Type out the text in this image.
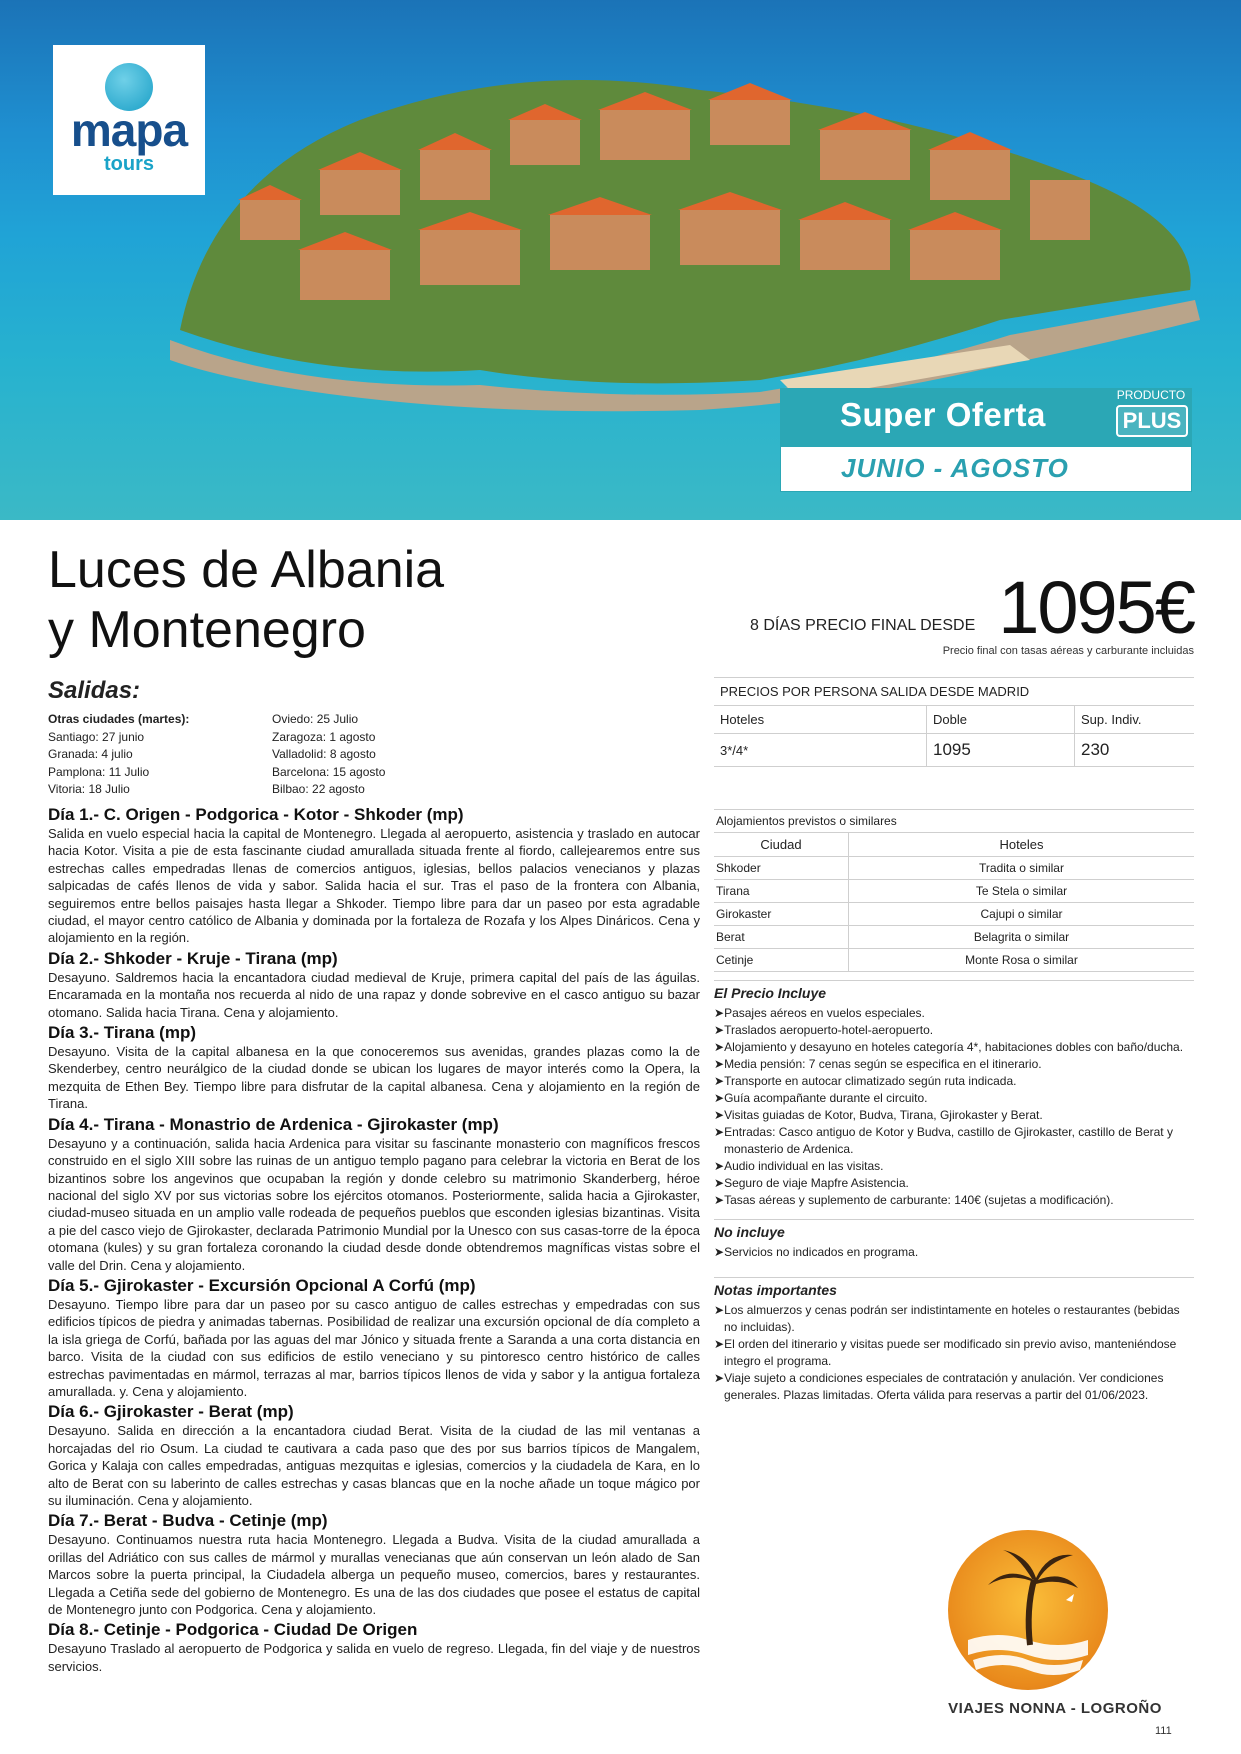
mapa
tours
Super Oferta
PRODUCTO
PLUS
JUNIO - AGOSTO
Luces de Albania
y Montenegro	8 DÍAS PRECIO FINAL DESDE 1095€
Precio final con tasas aéreas y carburante incluidas
Salidas:
Otras ciudades (martes):
Santiago: 27 junio
Granada: 4 julio
Pamplona: 11 Julio
Vitoria: 18 Julio
Oviedo: 25 Julio
Zaragoza: 1 agosto
Valladolid: 8 agosto
Barcelona: 15 agosto
Bilbao: 22 agosto
Día 1.- C. Origen - Podgorica - Kotor - Shkoder (mp)

Salida en vuelo especial hacia la capital de Montenegro. Llegada al aeropuerto, asistencia y traslado en autocar hacia Kotor. Visita a pie de esta fascinante ciudad amurallada situada frente al fiordo, callejearemos entre sus estrechas calles empedradas llenas de comercios antiguos, iglesias, bellos palacios venecianos y plazas salpicadas de cafés llenos de vida y sabor. Salida hacia el sur. Tras el paso de la frontera con Albania, seguiremos entre bellos paisajes hasta llegar a Shkoder. Tiempo libre para dar un paseo por esta agradable ciudad, el mayor centro católico de Albania y dominada por la fortaleza de Rozafa y los Alpes Dináricos. Cena y alojamiento en la región.

Día 2.- Shkoder - Kruje - Tirana (mp)

Desayuno. Saldremos hacia la encantadora ciudad medieval de Kruje, primera capital del país de las águilas. Encaramada en la montaña nos recuerda al nido de una rapaz y donde sobrevive en el casco antiguo su bazar otomano. Salida hacia Tirana. Cena y alojamiento.

Día 3.- Tirana (mp)

Desayuno. Visita de la capital albanesa en la que conoceremos sus avenidas, grandes plazas como la de Skenderbey, centro neurálgico de la ciudad donde se ubican los lugares de mayor interés como la Opera, la mezquita de Ethen Bey. Tiempo libre para disfrutar de la capital albanesa. Cena y alojamiento en la región de Tirana.

Día 4.- Tirana - Monastrio de Ardenica - Gjirokaster (mp)

Desayuno y a continuación, salida hacia Ardenica para visitar su fascinante monasterio con magníficos frescos construido en el siglo XIII sobre las ruinas de un antiguo templo pagano para celebrar la victoria en Berat de los bizantinos sobre los angevinos que ocupaban la región y donde celebro su matrimonio Skanderberg, héroe nacional del siglo XV por sus victorias sobre los ejércitos otomanos. Posteriormente, salida hacia a Gjirokaster, ciudad-museo situada en un amplio valle rodeada de pequeños pueblos que esconden iglesias bizantinas. Visita a pie del casco viejo de Gjirokaster, declarada Patrimonio Mundial por la Unesco con sus casas-torre de la época otomana (kules) y su gran fortaleza coronando la ciudad desde donde obtendremos magníficas vistas sobre el valle del Drin. Cena y alojamiento.

Día 5.- Gjirokaster - Excursión Opcional A Corfú (mp)

Desayuno. Tiempo libre para dar un paseo por su casco antiguo de calles estrechas y empedradas con sus edificios típicos de piedra y animadas tabernas. Posibilidad de realizar una excursión opcional de día completo a la isla griega de Corfú, bañada por las aguas del mar Jónico y situada frente a Saranda a una corta distancia en barco. Visita de la ciudad con sus edificios de estilo veneciano y su pintoresco centro histórico de calles estrechas pavimentadas en mármol, terrazas al mar, barrios típicos llenos de vida y sabor y la antigua fortaleza amurallada. y. Cena y alojamiento.

Día 6.- Gjirokaster - Berat (mp)

Desayuno. Salida en dirección a la encantadora ciudad Berat. Visita de la ciudad de las mil ventanas a horcajadas del rio Osum. La ciudad te cautivara a cada paso que des por sus barrios típicos de Mangalem, Gorica y Kalaja con calles empedradas, antiguas mezquitas e iglesias, comercios y la ciudadela de Kara, en lo alto de Berat con su laberinto de calles estrechas y casas blancas que en la noche añade un toque mágico por su iluminación. Cena y alojamiento.

Día 7.- Berat - Budva - Cetinje (mp)

Desayuno. Continuamos nuestra ruta hacia Montenegro. Llegada a Budva. Visita de la ciudad amurallada a orillas del Adriático con sus calles de mármol y murallas venecianas que aún conservan un león alado de San Marcos sobre la puerta principal, la Ciudadela alberga un pequeño museo, comercios, bares y restaurantes. Llegada a Cetiña sede del gobierno de Montenegro. Es una de las dos ciudades que posee el estatus de capital de Montenegro junto con Podgorica. Cena y alojamiento.

Día 8.- Cetinje - Podgorica - Ciudad De Origen

Desayuno Traslado al aeropuerto de Podgorica y salida en vuelo de regreso. Llegada, fin del viaje y de nuestros servicios.

PRECIOS POR PERSONA SALIDA DESDE MADRID		
Hoteles	Doble	Sup. Indiv.
3*/4*	1095	230
Alojamientos previstos o similares	
Ciudad	Hoteles
Shkoder	Tradita o similar
Tirana	Te Stela o similar
Girokaster	Cajupi o similar
Berat	Belagrita o similar
Cetinje	Monte Rosa o similar

El Precio Incluye

➤Pasajes aéreos en vuelos especiales.

➤Traslados aeropuerto-hotel-aeropuerto.

➤Alojamiento y desayuno en hoteles categoría 4*, habitaciones dobles con baño/ducha.

➤Media pensión: 7 cenas según se especifica en el itinerario.

➤Transporte en autocar climatizado según ruta indicada.

➤Guía acompañante durante el circuito.

➤Visitas guiadas de Kotor, Budva, Tirana, Gjirokaster y Berat.

➤Entradas: Casco antiguo de Kotor y Budva, castillo de Gjirokaster, castillo de Berat y monasterio de Ardenica.

➤Audio individual en las visitas.

➤Seguro de viaje Mapfre Asistencia.

➤Tasas aéreas y suplemento de carburante: 140€ (sujetas a modificación).

No incluye

➤Servicios no indicados en programa.

Notas importantes

➤Los almuerzos y cenas podrán ser indistintamente en hoteles o restaurantes (bebidas no incluidas).

➤El orden del itinerario y visitas puede ser modificado sin previo aviso, manteniéndose integro el programa.

➤Viaje sujeto a condiciones especiales de contratación y anulación. Ver condiciones generales. Plazas limitadas. Oferta válida para reservas a partir del 01/06/2023.

VIAJES NONNA - LOGROÑO
111
